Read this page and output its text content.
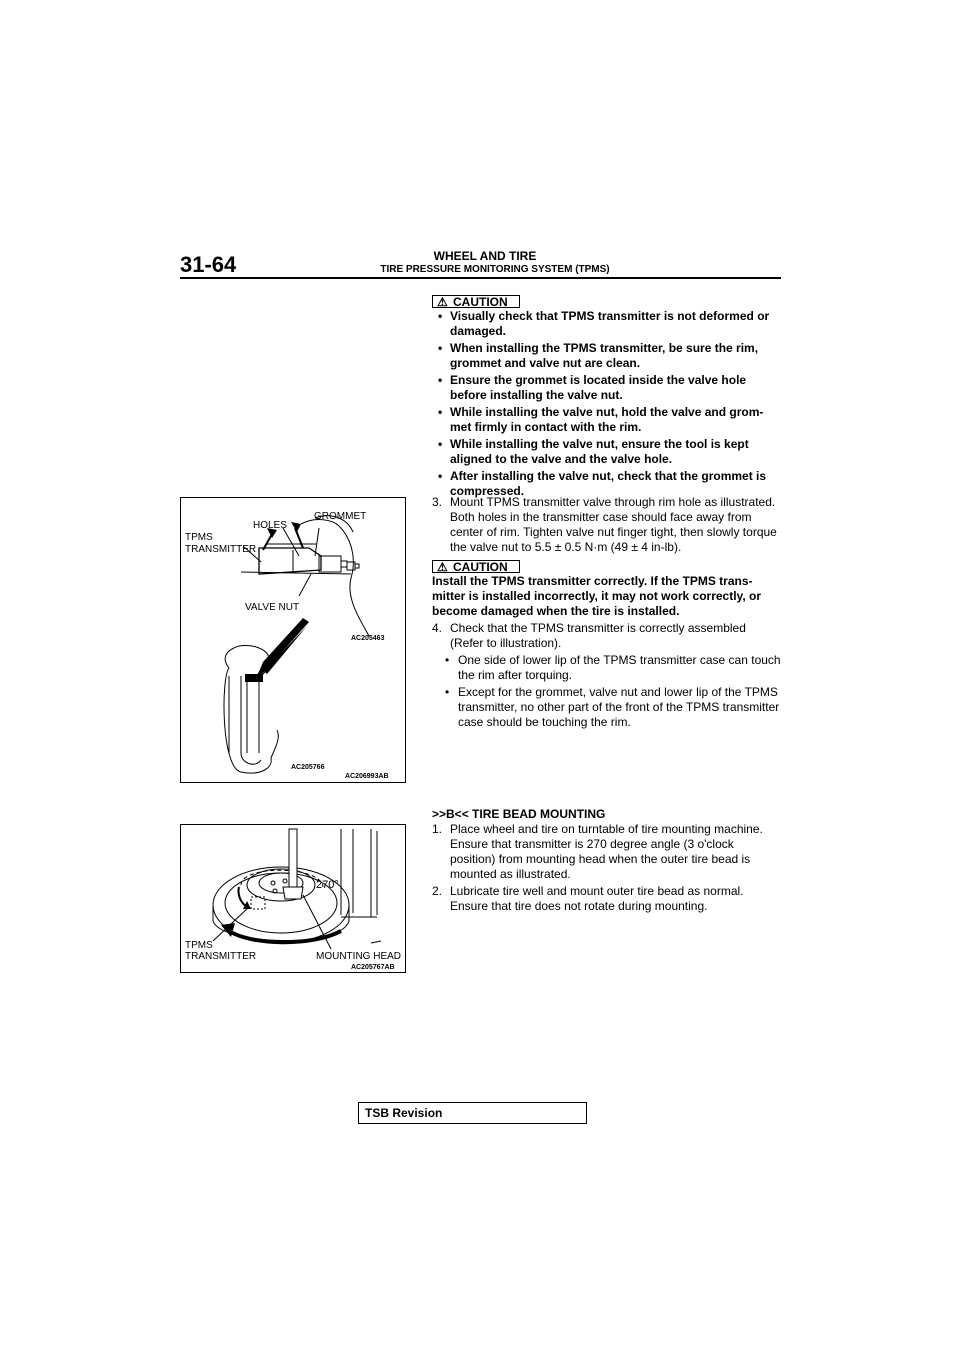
31-64	WHEEL AND TIRE
TIRE PRESSURE MONITORING SYSTEM (TPMS)
⚠ CAUTION
• Visually check that TPMS transmitter is not deformed or damaged.
• When installing the TPMS transmitter, be sure the rim, grommet and valve nut are clean.
• Ensure the grommet is located inside the valve hole before installing the valve nut.
• While installing the valve nut, hold the valve and grom-met firmly in contact with the rim.
• While installing the valve nut, ensure the tool is kept aligned to the valve and the valve hole.
• After installing the valve nut, check that the grommet is compressed.
3. Mount TPMS transmitter valve through rim hole as illustrated. Both holes in the transmitter case should face away from center of rim. Tighten valve nut finger tight, then slowly torque the valve nut to 5.5 ± 0.5 N·m (49 ± 4 in-lb).
⚠ CAUTION
Install the TPMS transmitter correctly. If the TPMS trans-mitter is installed incorrectly, it may not work correctly, or become damaged when the tire is installed.
4. Check that the TPMS transmitter is correctly assembled (Refer to illustration).
• One side of lower lip of the TPMS transmitter case can touch the rim after torquing.
• Except for the grommet, valve nut and lower lip of the TPMS transmitter, no other part of the front of the TPMS transmitter case should be touching the rim.
TPMS
TRANSMITTER
HOLES
GROMMET
VALVE NUT
AC205463
AC205766
AC206993AB
>>B<< TIRE BEAD MOUNTING
1. Place wheel and tire on turntable of tire mounting machine. Ensure that transmitter is 270 degree angle (3 o'clock position) from mounting head when the outer tire bead is mounted as illustrated.
2. Lubricate tire well and mount outer tire bead as normal. Ensure that tire does not rotate during mounting.
270°
TPMS
TRANSMITTER	MOUNTING HEAD
AC205767AB
TSB Revision
